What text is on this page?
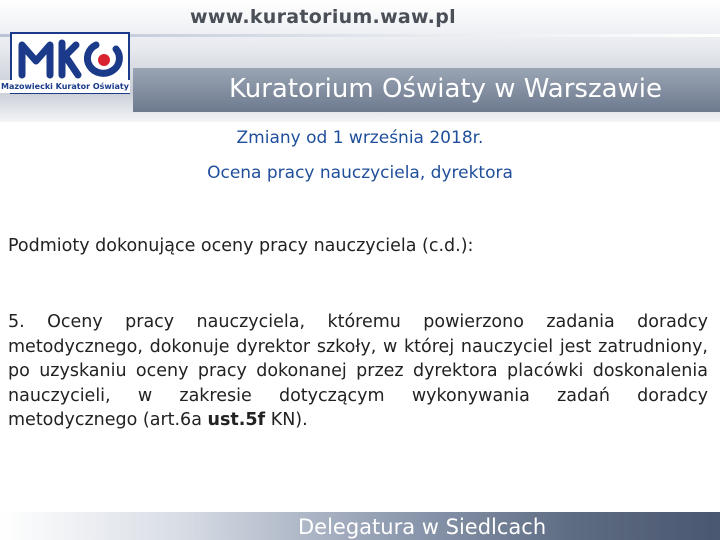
www.kuratorium.waw.pl
Mazowiecki Kurator Oświaty	Kuratorium Oświaty w Warszawie
Zmiany od 1 września 2018r.
Ocena pracy nauczyciela, dyrektora
Podmioty dokonujące oceny pracy nauczyciela (c.d.):
5. Oceny pracy nauczyciela, któremu powierzono zadania doradcy metodycznego, dokonuje dyrektor szkoły, w której nauczyciel jest zatrudniony, po uzyskaniu oceny pracy dokonanej przez dyrektora placówki doskonalenia nauczycieli, w zakresie dotyczącym wykonywania zadań doradcy metodycznego (art.6a ust.5f KN).
Delegatura w Siedlcach
